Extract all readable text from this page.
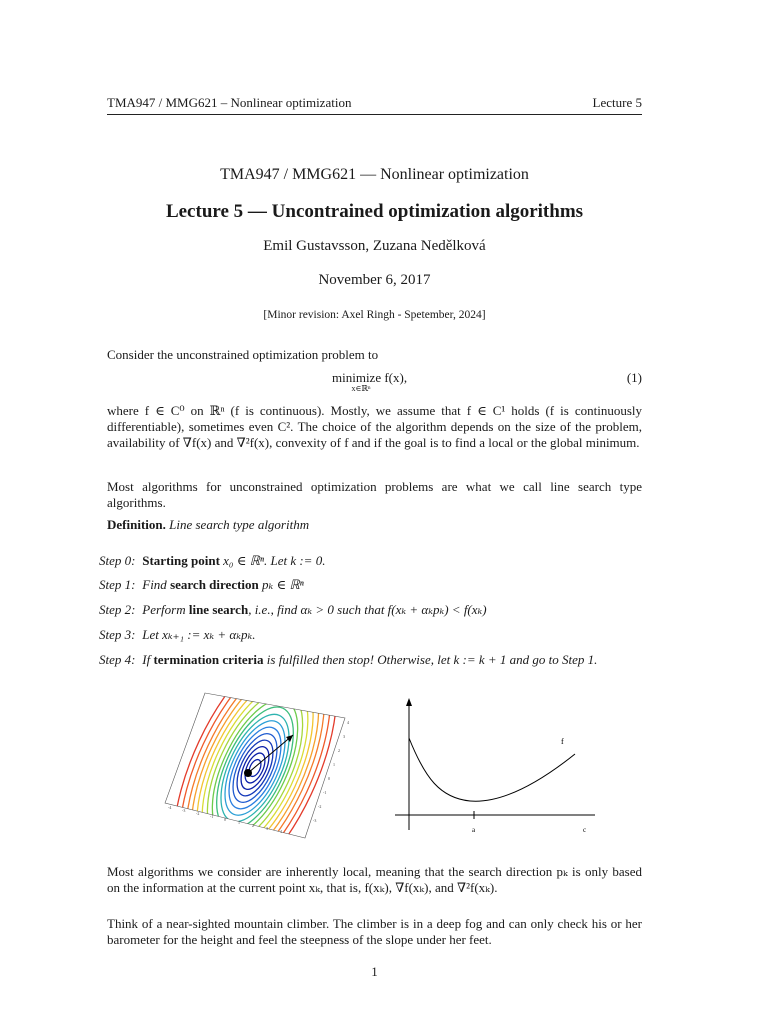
TMA947 / MMG621 – Nonlinear optimization	Lecture 5
TMA947 / MMG621 — Nonlinear optimization
Lecture 5 — Uncontrained optimization algorithms
Emil Gustavsson, Zuzana Nedělková
November 6, 2017
[Minor revision: Axel Ringh - Spetember, 2024]
Consider the unconstrained optimization problem to
minimize f(x),
x∈ℝⁿ
(1)
where f ∈ C⁰ on ℝⁿ (f is continuous). Mostly, we assume that f ∈ C¹ holds (f is continuously differentiable), sometimes even C². The choice of the algorithm depends on the size of the problem, availability of ∇f(x) and ∇²f(x), convexity of f and if the goal is to find a local or the global minimum.
Most algorithms for unconstrained optimization problems are what we call line search type algorithms.
Definition. Line search type algorithm
Step 0: Starting point x₀ ∈ ℝⁿ. Let k := 0.
Step 1: Find search direction pₖ ∈ ℝⁿ
Step 2: Perform line search, i.e., find αₖ > 0 such that f(xₖ + αₖpₖ) < f(xₖ)
Step 3: Let xₖ₊₁ := xₖ + αₖpₖ.
Step 4: If termination criteria is fulfilled then stop! Otherwise, let k := k + 1 and go to Step 1.
-4
-3
-2
-1
0
1
2
3
4
4
3
2
1
0
-1
-2
-3
f
a	c
Most algorithms we consider are inherently local, meaning that the search direction pₖ is only based on the information at the current point xₖ, that is, f(xₖ), ∇f(xₖ), and ∇²f(xₖ).
Think of a near-sighted mountain climber. The climber is in a deep fog and can only check his or her barometer for the height and feel the steepness of the slope under her feet.
1
